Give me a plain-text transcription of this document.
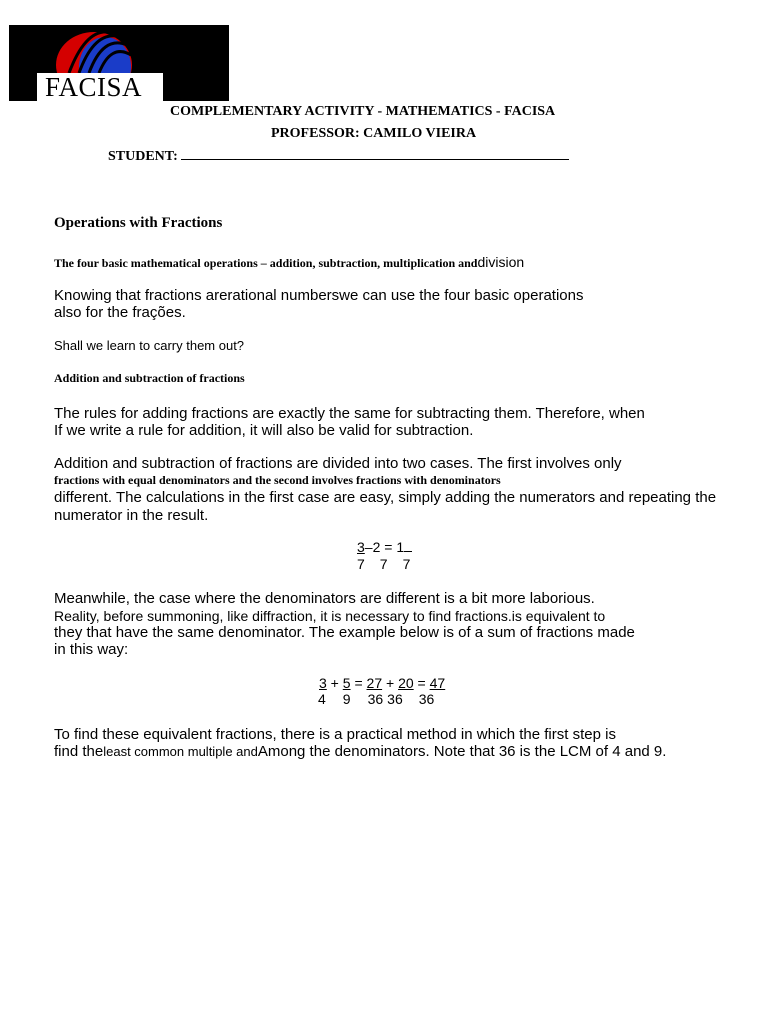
FACISA
COMPLEMENTARY ACTIVITY - MATHEMATICS - FACISA
PROFESSOR: CAMILO VIEIRA
STUDENT:
Operations with Fractions
The four basic mathematical operations – addition, subtraction, multiplication anddivision
Knowing that fractions arerational numberswe can use the four basic operations
also for the frações.
Shall we learn to carry them out?
Addition and subtraction of fractions
The rules for adding fractions are exactly the same for subtracting them. Therefore, when
If we write a rule for addition, it will also be valid for subtraction.
Addition and subtraction of fractions are divided into two cases. The first involves only
fractions with equal denominators and the second involves fractions with denominators
different. The calculations in the first case are easy, simply adding the numerators and repeating the
numerator in the result.
3–2 = 1
7 7 7
Meanwhile, the case where the denominators are different is a bit more laborious.
Reality, before summoning, like diffraction, it is necessary to find fractions.is equivalent to
they that have the same denominator. The example below is of a sum of fractions made
in this way:
3 + 5 = 27 + 20 = 47
4 9 36 36 36
To find these equivalent fractions, there is a practical method in which the first step is
find theleast common multiple andAmong the denominators. Note that 36 is the LCM of 4 and 9.
